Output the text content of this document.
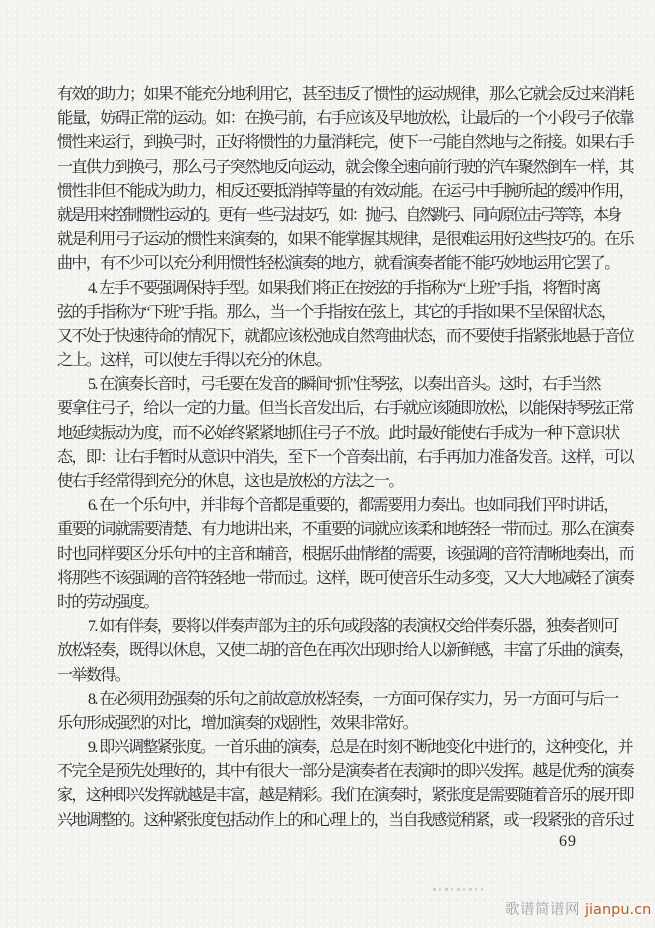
有效的助力；如果不能充分地利用它，甚至违反了惯性的运动规律，那么它就会反过来消耗
能量，妨碍正常的运动。如：在换弓前，右手应该及早地放松，让最后的一个小段弓子依靠
惯性来运行，到换弓时，正好将惯性的力量消耗完，使下一弓能自然地与之衔接。如果右手
一直供力到换弓，那么弓子突然地反向运动，就会像全速向前行驶的汽车聚然倒车一样，其
惯性非但不能成为助力，相反还要抵消掉等量的有效动能。在运弓中手腕所起的缓冲作用，
就是用来控制惯性运动的。更有一些弓法技巧，如：抛弓、自然跳弓、同向原位击弓等等，本身
就是利用弓子运动的惯性来演奏的，如果不能掌握其规律，是很难运用好这些技巧的。在乐
曲中，有不少可以充分利用惯性轻松演奏的地方，就看演奏者能不能巧妙地运用它罢了。
4. 左手不要强调保持手型。如果我们将正在按弦的手指称为“上班”手指，将暂时离
弦的手指称为“下班”手指。那么，当一个手指按在弦上，其它的手指如果不呈保留状态，
又不处于快速待命的情况下，就都应该松弛成自然弯曲状态，而不要使手指紧张地悬于音位
之上。这样，可以使左手得以充分的休息。
5. 在演奏长音时，弓毛要在发音的瞬间“抓”住琴弦，以奏出音头。这时，右手当然
要拿住弓子，给以一定的力量。但当长音发出后，右手就应该随即放松，以能保持琴弦正常
地延续振动为度，而不必始终紧紧地抓住弓子不放。此时最好能使右手成为一种下意识状
态，即：让右手暂时从意识中消失，至下一个音奏出前，右手再加力准备发音。这样，可以
使右手经常得到充分的休息，这也是放松的方法之一。
6. 在一个乐句中，并非每个音都是重要的，都需要用力奏出。也如同我们平时讲话，
重要的词就需要清楚、有力地讲出来，不重要的词就应该柔和地轻轻一带而过。那么在演奏
时也同样要区分乐句中的主音和辅音，根据乐曲情绪的需要，该强调的音符清晰地奏出，而
将那些不该强调的音符轻轻地一带而过。这样，既可使音乐生动多变，又大大地减轻了演奏
时的劳动强度。
7. 如有伴奏，要将以伴奏声部为主的乐句或段落的表演权交给伴奏乐器，独奏者则可
放松轻奏，既得以休息，又使二胡的音色在再次出现时给人以新鲜感，丰富了乐曲的演奏，
一举数得。
8. 在必须用劲强奏的乐句之前故意放松轻奏，一方面可保存实力，另一方面可与后一
乐句形成强烈的对比，增加演奏的戏剧性，效果非常好。
9. 即兴调整紧张度。一首乐曲的演奏，总是在时刻不断地变化中进行的，这种变化，并
不完全是预先处理好的，其中有很大一部分是演奏者在表演时的即兴发挥。越是优秀的演奏
家，这种即兴发挥就越是丰富，越是精彩。我们在演奏时，紧张度是需要随着音乐的展开即
兴地调整的。这种紧张度包括动作上的和心理上的，当自我感觉稍紧，或一段紧张的音乐过
69
歌谱简谱网 jianpu.cn
